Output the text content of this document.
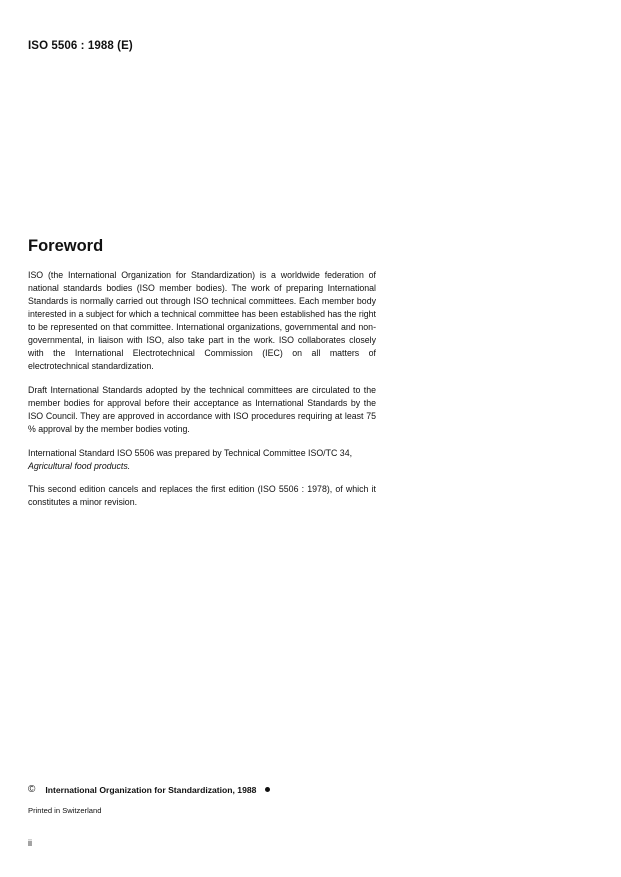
ISO 5506 : 1988 (E)
Foreword

ISO (the International Organization for Standardization) is a worldwide federation of national standards bodies (ISO member bodies). The work of preparing International Standards is normally carried out through ISO technical committees. Each member body interested in a subject for which a technical committee has been established has the right to be represented on that committee. International organizations, governmental and non-governmental, in liaison with ISO, also take part in the work. ISO collaborates closely with the International Electrotechnical Commission (IEC) on all matters of electrotechnical standardization.

Draft International Standards adopted by the technical committees are circulated to the member bodies for approval before their acceptance as International Standards by the ISO Council. They are approved in accordance with ISO procedures requiring at least 75 % approval by the member bodies voting.

International Standard ISO 5506 was prepared by Technical Committee ISO/TC 34,
Agricultural food products.

This second edition cancels and replaces the first edition (ISO 5506 : 1978), of which it constitutes a minor revision.

© International Organization for Standardization, 1988
Printed in Switzerland
ii
